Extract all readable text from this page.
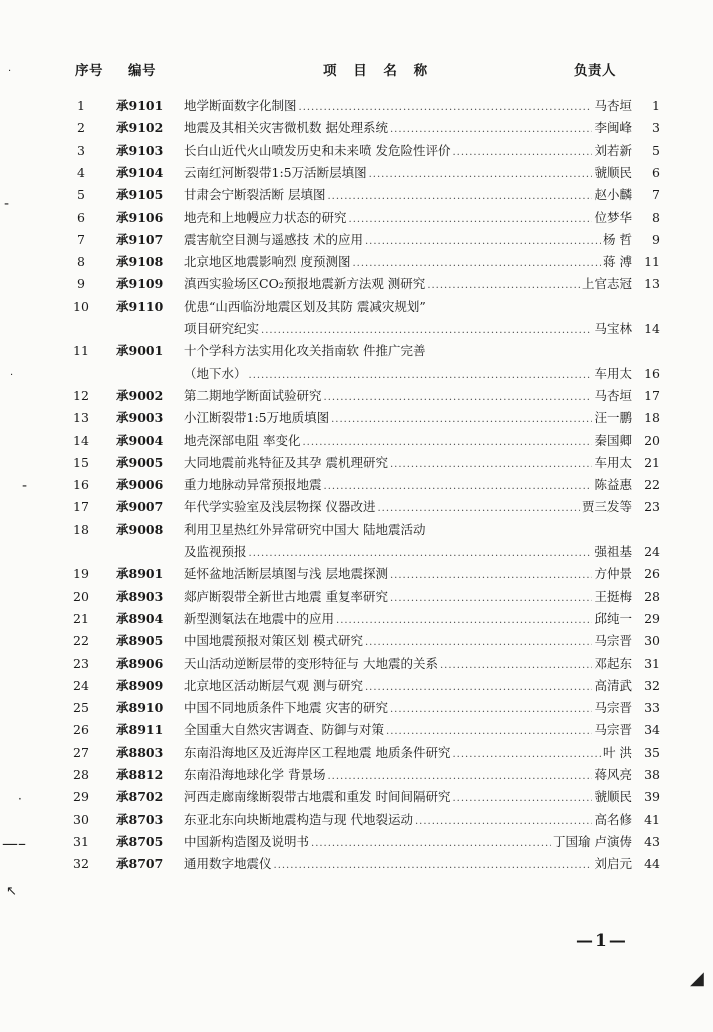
序号 编号	项 目 名 称	负责人
1	承9101	地学断面数字化制图 .....	马杏垣	1
2	承9102	地震及其相关灾害微机数 据处理系统 .....	李闽峰	3
3	承9103	长白山近代火山喷发历史和未来喷 发危险性评价 .....	刘若新	5
4	承9104	云南红河断裂带1:5万活断层填图 .....	虢顺民	6
5	承9105	甘肃会宁断裂活断 层填图 .....	赵小麟	7
6	承9106	地壳和上地幔应力状态的研究 .....	位梦华	8
7	承9107	震害航空目测与遥感技 术的应用 .....	杨 哲	9
8	承9108	北京地区地震影响烈 度预测图 .....	蒋 溥 11
9	承9109	滇西实验场区CO₂预报地震新方法观 测研究 .....	上官志冠 13
10	承9110	优患“山西临汾地震区划及其防 震减灾规划”
项目研究纪实 .....	马宝林 14
11	承9001	十个学科方法实用化攻关指南软 件推广完善
（地下水） .....	车用太 16
12	承9002	第二期地学断面试验研究 .....	马杏垣 17
13	承9003	小江断裂带1:5万地质填图 .....	汪一鹏 18
14	承9004	地壳深部电阻 率变化 .....	秦国卿 20
15	承9005	大同地震前兆特征及其孕 震机理研究 .....	车用太 21
16	承9006	重力地脉动异常预报地震 .....	陈益惠 22
17	承9007	年代学实验室及浅层物探 仪器改进 .....	贾三发等 23
18	承9008	利用卫星热红外异常研究中国大 陆地震活动
及监视预报 .....	强祖基 24
19	承8901	延怀盆地活断层填图与浅 层地震探测 .....	方仲景 26
20	承8903	郯庐断裂带全新世古地震 重复率研究 .....	王挺梅 28
21	承8904	新型测氡法在地震中的应用 .....	邱纯一 29
22	承8905	中国地震预报对策区划 模式研究 .....	马宗晋 30
23	承8906	天山活动逆断层带的变形特征与 大地震的关系 .....	邓起东 31
24	承8909	北京地区活动断层气观 测与研究 .....	高清武 32
25	承8910	中国不同地质条件下地震 灾害的研究 .....	马宗晋 33
26	承8911	全国重大自然灾害调查、防御与对策 .....	马宗晋 34
27	承8803	东南沿海地区及近海岸区工程地震 地质条件研究 .....	叶 洪 35
28	承8812	东南沿海地球化学 背景场 .....	蒋风亮 38
29	承8702	河西走廊南缘断裂带古地震和重发 时间间隔研究 .....	虢顺民 39
30	承8703	东亚北东向块断地震构造与现 代地裂运动 .....	高名修 41
31	承8705	中国新构造图及说明书 .....	丁国瑜 卢演俦 43
32	承8707	通用数字地震仪 .....	刘启元 44
—1—
·
-
·
-
·
—–
↖
◢
